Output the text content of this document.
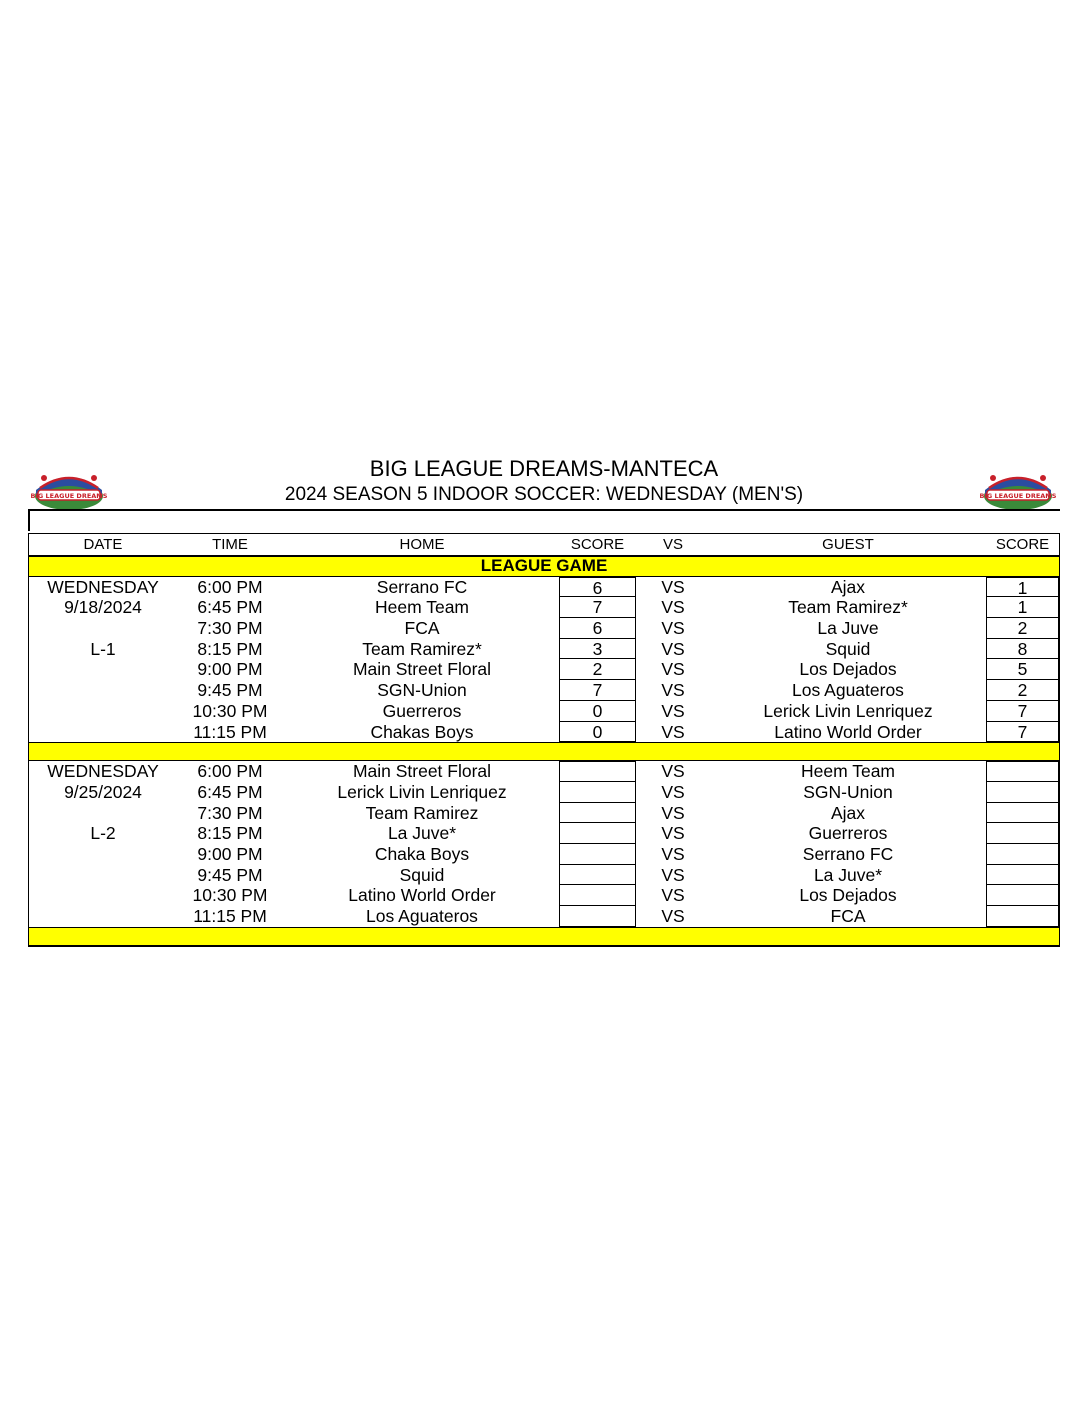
BIG LEAGUE DREAMS	BIG LEAGUE DREAMS
BIG LEAGUE DREAMS-MANTECA
2024 SEASON 5 INDOOR SOCCER: WEDNESDAY (MEN'S)
DATE	TIME	HOME	SCORE	VS	GUEST	SCORE
LEAGUE GAME
WEDNESDAY	6:00 PM	Serrano FC	6	VS	Ajax	1
9/18/2024	6:45 PM	Heem Team	7	VS	Team Ramirez*	1
7:30 PM	FCA	6	VS	La Juve	2
L-1	8:15 PM	Team Ramirez*	3	VS	Squid	8
9:00 PM	Main Street Floral	2	VS	Los Dejados	5
9:45 PM	SGN-Union	7	VS	Los Aguateros	2
10:30 PM	Guerreros	0	VS	Lerick Livin Lenriquez	7
11:15 PM	Chakas Boys	0	VS	Latino World Order	7
WEDNESDAY	6:00 PM	Main Street Floral	VS	Heem Team
9/25/2024	6:45 PM	Lerick Livin Lenriquez	VS	SGN-Union
7:30 PM	Team Ramirez	VS	Ajax
L-2	8:15 PM	La Juve*	VS	Guerreros
9:00 PM	Chaka Boys	VS	Serrano FC
9:45 PM	Squid	VS	La Juve*
10:30 PM	Latino World Order	VS	Los Dejados
11:15 PM	Los Aguateros	VS	FCA
